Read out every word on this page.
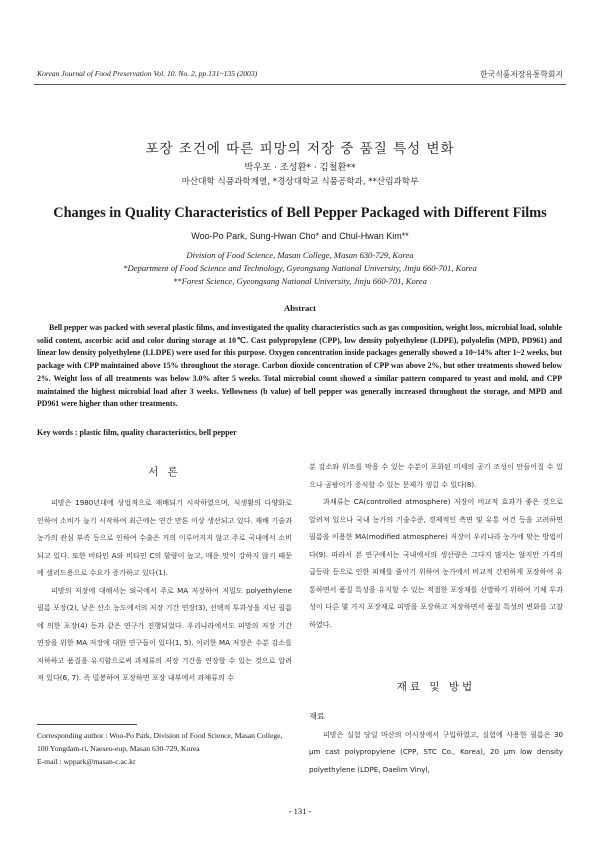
Korean Journal of Food Preservation Vol. 10. No. 2, pp.131~135 (2003)	한국식품저장유통학회지
포장 조건에 따른 피망의 저장 중 품질 특성 변화
박우포 · 조성환* · 김철환**
마산대학 식품과학계열, *경상대학교 식품공학과, **산림과학부
Changes in Quality Characteristics of Bell Pepper Packaged with Different Films
Woo-Po Park, Sung-Hwan Cho* and Chul-Hwan Kim**
Division of Food Science, Masan College, Masan 630-729, Korea
*Department of Food Science and Technology, Gyeongsang National University, Jinju 660-701, Korea
**Forest Science, Gyeongsang National University, Jinju 660-701, Korea
Abstract
Bell pepper was packed with several plastic films, and investigated the quality characteristics such as gas composition, weight loss, microbial load, soluble solid content, ascorbic acid and color during storage at 10℃. Cast polypropylene (CPP), low density polyethylene (LDPE), polyolefin (MPD, PD961) and linear low density polyethylene (LLDPE) were used for this purpose. Oxygen concentration inside packages generally showed a 10~14% after 1~2 weeks, but package with CPP maintained above 15% throughout the storage. Carbon dioxide concentration of CPP was above 2%, but other treatments showed below 2%. Weight loss of all treatments was below 3.0% after 5 weeks. Total microbial count showed a similar pattern compared to yeast and mold, and CPP maintained the highest microbial load after 3 weeks. Yellowness (b value) of bell pepper was generally increased throughout the storage, and MPD and PD961 were higher than other treatments.
Key words : plastic film, quality characteristics, bell pepper
서 론

피망은 1980년대에 상업적으로 재배되기 시작하였으며, 식생활의 다양화로 인하여 소비가 늘기 시작하여 최근에는 연간 만톤 이상 생산되고 있다. 재배 기술과 농가의 관심 부족 등으로 인하여 수출은 거의 이루어지지 않고 주로 국내에서 소비되고 있다. 또한 비타민 A와 비타민 C의 함량이 높고, 매운 맛이 강하지 않기 때문에 샐러드용으로 수요가 증가하고 있다(1).

피망의 저장에 대해서는 외국에서 주로 MA 저장하여 저밀도 polyethylene 필름 포장(2), 낮은 산소 농도에서의 저장 기간 연장(3), 선택적 투과성을 지닌 필름에 의한 포장(4) 등과 같은 연구가 진행되었다. 우리나라에서도 피망의 저장 기간 연장을 위한 MA 저장에 대한 연구들이 있다(1, 5). 이러한 MA 저장은 수분 감소를 저하하고 품질을 유지함으로써 과채류의 저장 기간을 연장할 수 있는 것으로 알려져 있다(6, 7). 즉 밀봉하여 포장하면 포장 내부에서 과채류의 수

Corresponding author : Woo-Po Park, Division of Food Science, Masan College, 100 Yongdam-ri, Naeseo-eup, Masan 630-729, Korea
E-mail : wppark@masan-c.ac.kr

분 감소와 위조를 막을 수 있는 수분이 포화된 미세의 공기 조성이 만들어질 수 있으나 곰팡이가 증식할 수 있는 문제가 생길 수 있다(8).

과채류는 CA(controlled atmosphere) 저장이 비교적 효과가 좋은 것으로 알려져 있으나 국내 농가의 기술수준, 경제적인 측면 및 유통 여건 등을 고려하면 필름을 이용한 MA(modified atmosphere) 저장이 우리나라 농가에 맞는 방법이다(9). 따라서 본 연구에서는 국내에서의 생산량은 그다지 많지는 않지만 가격의 급등락 등으로 인한 피해를 줄이기 위하여 농가에서 비교적 간편하게 포장하여 유통하면서 품질 특성을 유지할 수 있는 적절한 포장재를 선발하기 위하여 기체 투과성이 다른 몇 가지 포장재로 피망을 포장하고 저장하면서 품질 특성의 변화를 고찰하였다.

재료 및 방법
재료

피망은 실험 당일 마산의 어시장에서 구입하였고, 실험에 사용한 필름은 30 μm cast polypropylene (CPP, STC Co., Korea), 20 μm low density polyethylene (LDPE, Daelim Vinyl,

- 131 -
